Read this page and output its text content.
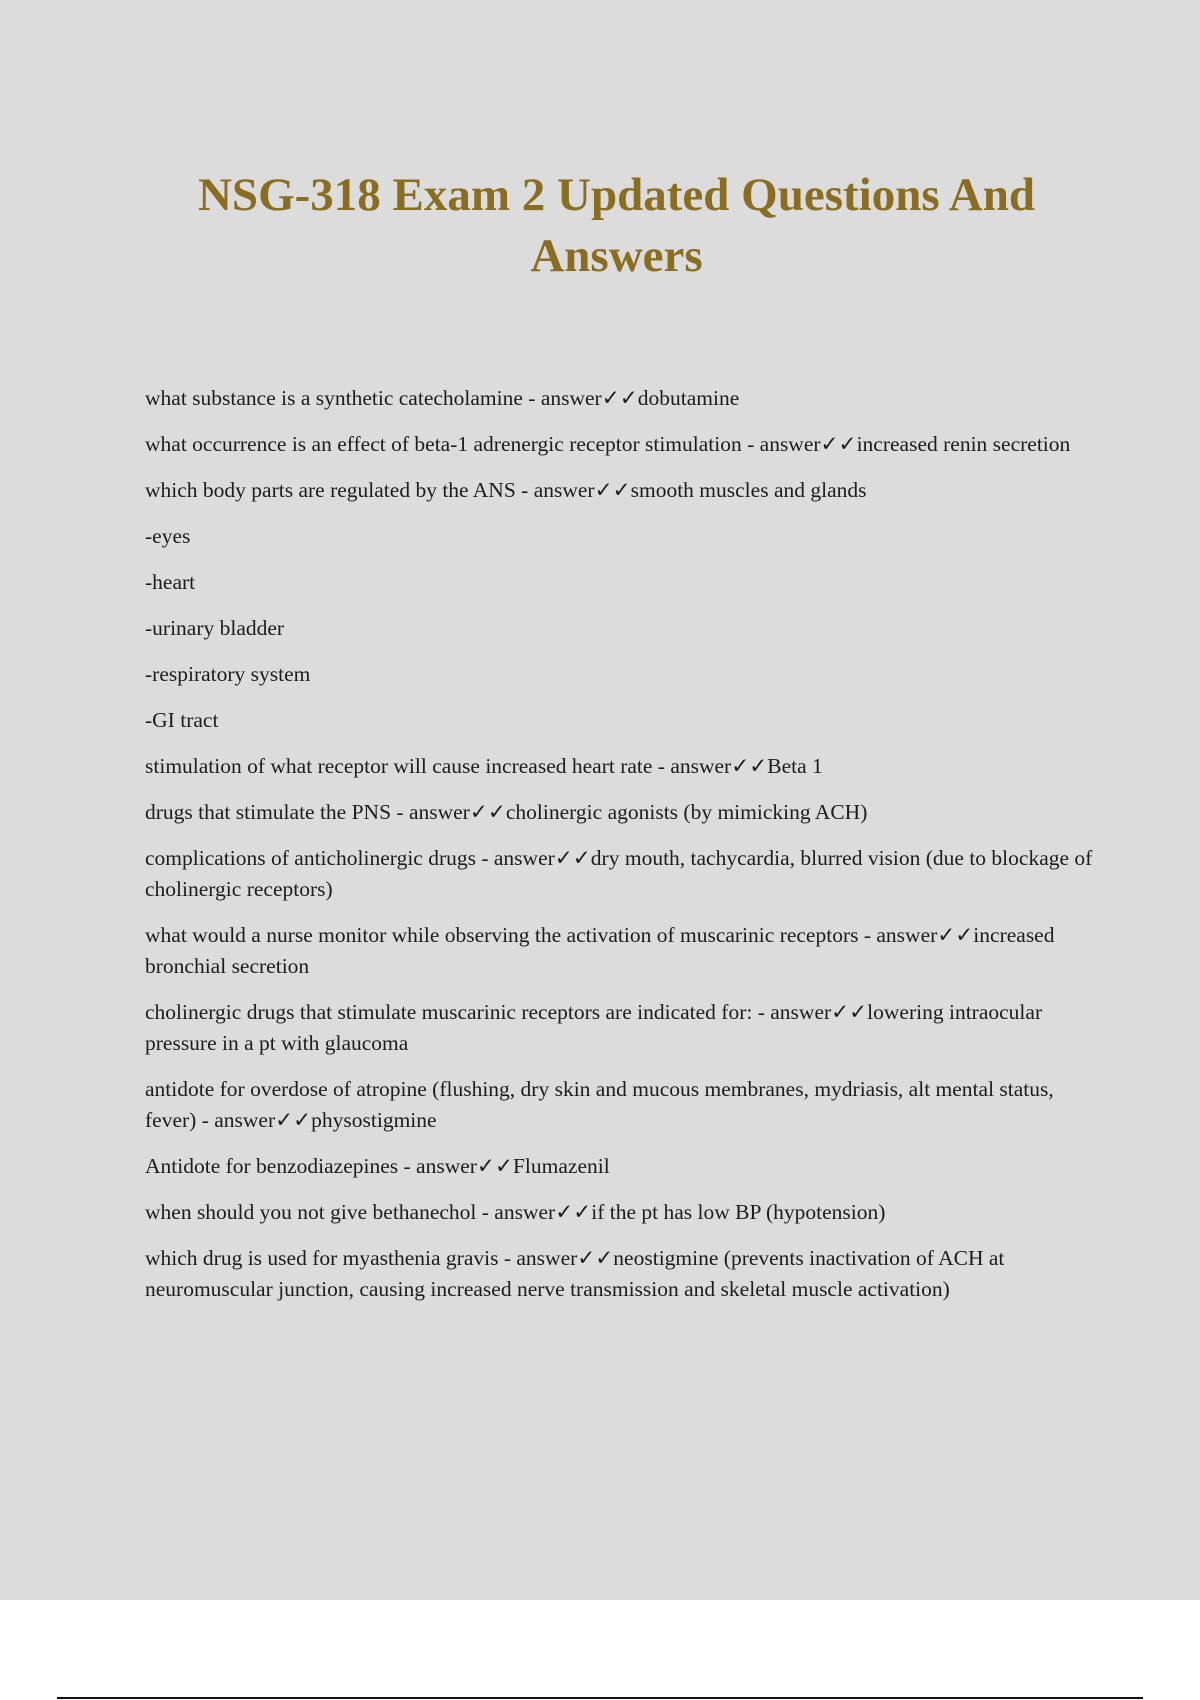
NSG-318 Exam 2 Updated Questions And Answers

what substance is a synthetic catecholamine - answer✓✓dobutamine

what occurrence is an effect of beta-1 adrenergic receptor stimulation - answer✓✓increased renin secretion

which body parts are regulated by the ANS - answer✓✓smooth muscles and glands

-eyes

-heart

-urinary bladder

-respiratory system

-GI tract

stimulation of what receptor will cause increased heart rate - answer✓✓Beta 1

drugs that stimulate the PNS - answer✓✓cholinergic agonists (by mimicking ACH)

complications of anticholinergic drugs - answer✓✓dry mouth, tachycardia, blurred vision (due to blockage of cholinergic receptors)

what would a nurse monitor while observing the activation of muscarinic receptors - answer✓✓increased bronchial secretion

cholinergic drugs that stimulate muscarinic receptors are indicated for: - answer✓✓lowering intraocular pressure in a pt with glaucoma

antidote for overdose of atropine (flushing, dry skin and mucous membranes, mydriasis, alt mental status, fever) - answer✓✓physostigmine

Antidote for benzodiazepines - answer✓✓Flumazenil

when should you not give bethanechol - answer✓✓if the pt has low BP (hypotension)

which drug is used for myasthenia gravis - answer✓✓neostigmine (prevents inactivation of ACH at neuromuscular junction, causing increased nerve transmission and skeletal muscle activation)
